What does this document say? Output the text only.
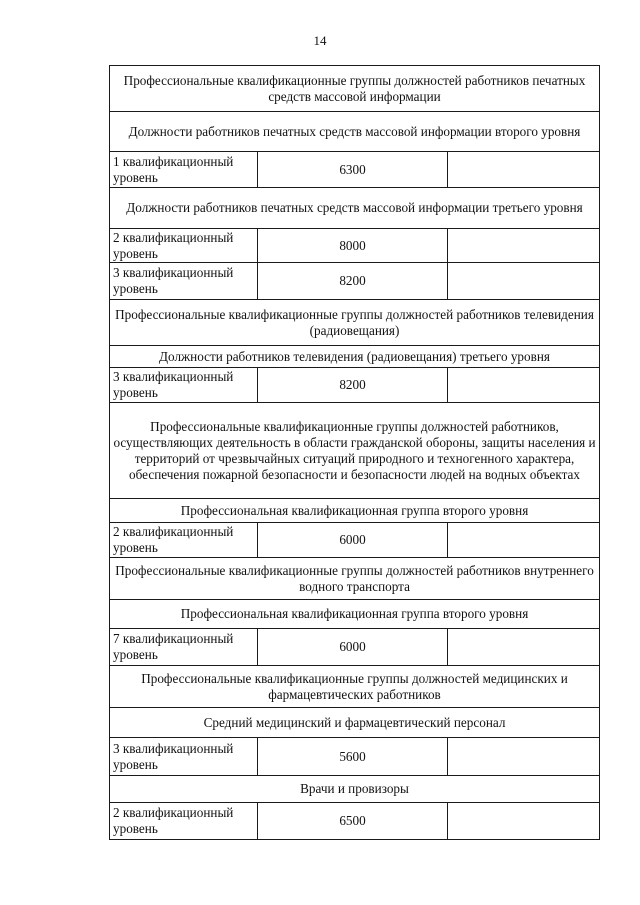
14
Профессиональные квалификационные группы должностей работников печатных средств массовой информации		
Должности работников печатных средств массовой информации второго уровня		
1 квалификационный уровень	6300	
Должности работников печатных средств массовой информации третьего уровня		
2 квалификационный уровень	8000	
3 квалификационный уровень	8200	
Профессиональные квалификационные группы должностей работников телевидения (радиовещания)		
Должности работников телевидения (радиовещания) третьего уровня		
3 квалификационный уровень	8200	
Профессиональные квалификационные группы должностей работников, осуществляющих деятельность в области гражданской обороны, защиты населения и территорий от чрезвычайных ситуаций природного и техногенного характера, обеспечения пожарной безопасности и безопасности людей на водных объектах		
Профессиональная квалификационная группа второго уровня		
2 квалификационный уровень	6000	
Профессиональные квалификационные группы должностей работников внутреннего водного транспорта		
Профессиональная квалификационная группа второго уровня		
7 квалификационный уровень	6000	
Профессиональные квалификационные группы должностей медицинских и фармацевтических работников		
Средний медицинский и фармацевтический персонал		
3 квалификационный уровень	5600	
Врачи и провизоры		
2 квалификационный уровень	6500	
